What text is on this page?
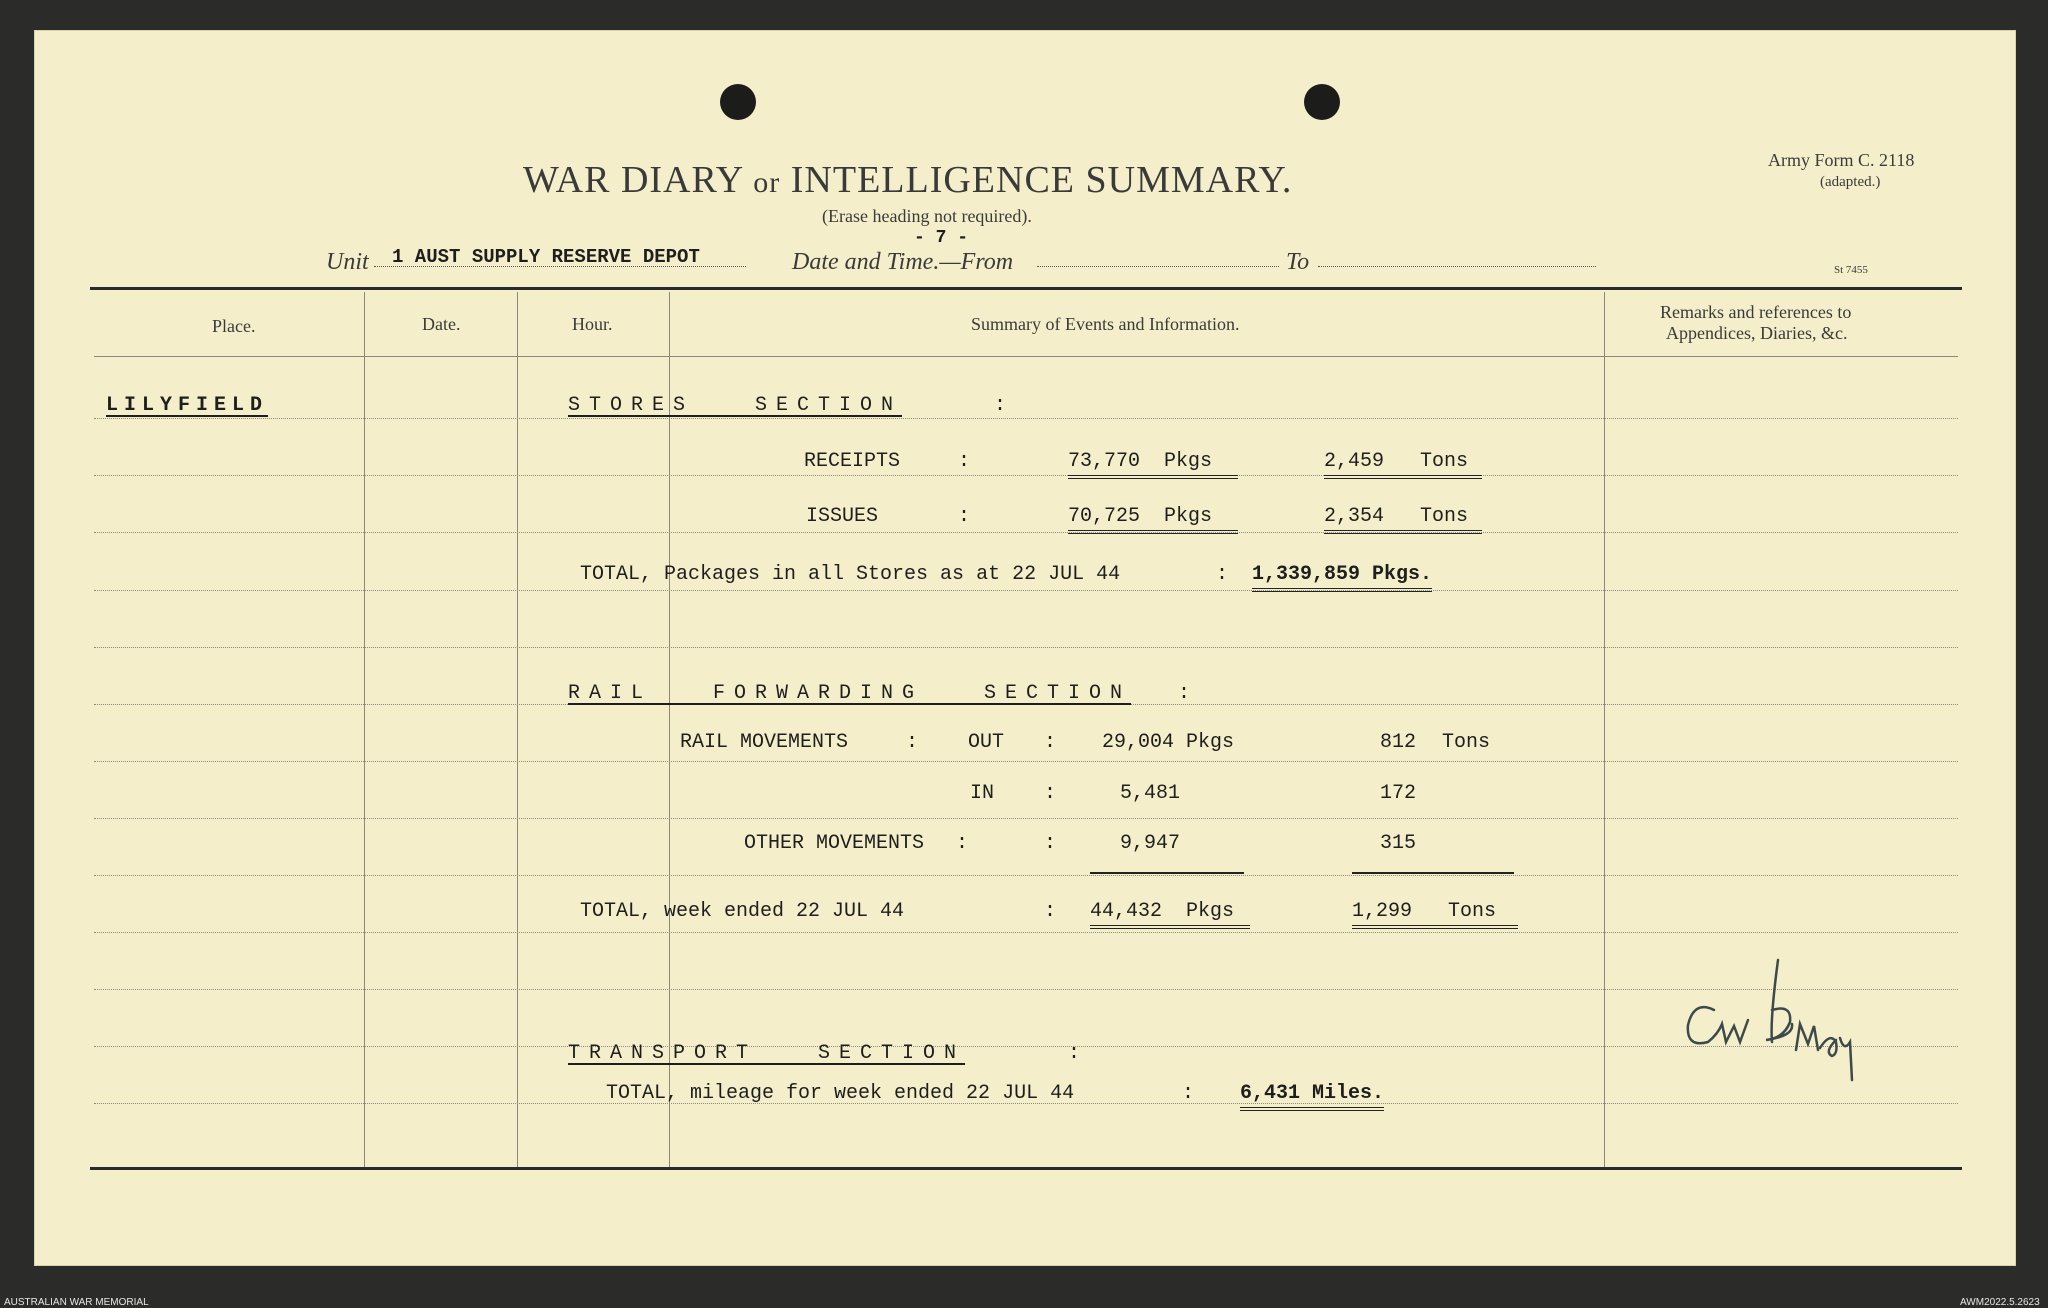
WAR DIARY or INTELLIGENCE SUMMARY.
(Erase heading not required).
Army Form C. 2118
(adapted.)
St 7455
Unit 1 AUST SUPPLY RESERVE DEPOT
- 7 -
Date and Time.—From	To
Place.	Date.	Hour.	Summary of Events and Information.
Remarks and references to
Appendices, Diaries, &c.
LILYFIELD	STORES SECTION	:
RECEIPTS	:	73,770 Pkgs	2,459 Tons
ISSUES	:	70,725 Pkgs	2,354 Tons
TOTAL, Packages in all Stores as at 22 JUL 44	: 1,339,859 Pkgs.
RAIL FORWARDING SECTION :
RAIL MOVEMENTS	: OUT : 29,004 Pkgs	812 Tons
IN :	5,481	172
OTHER MOVEMENTS :	:	9,947	315
TOTAL, week ended 22 JUL 44	: 44,432 Pkgs	1,299 Tons
TRANSPORT SECTION	:
TOTAL, mileage for week ended 22 JUL 44	: 6,431 Miles.
AUSTRALIAN WAR MEMORIAL	AWM2022.5.2623
